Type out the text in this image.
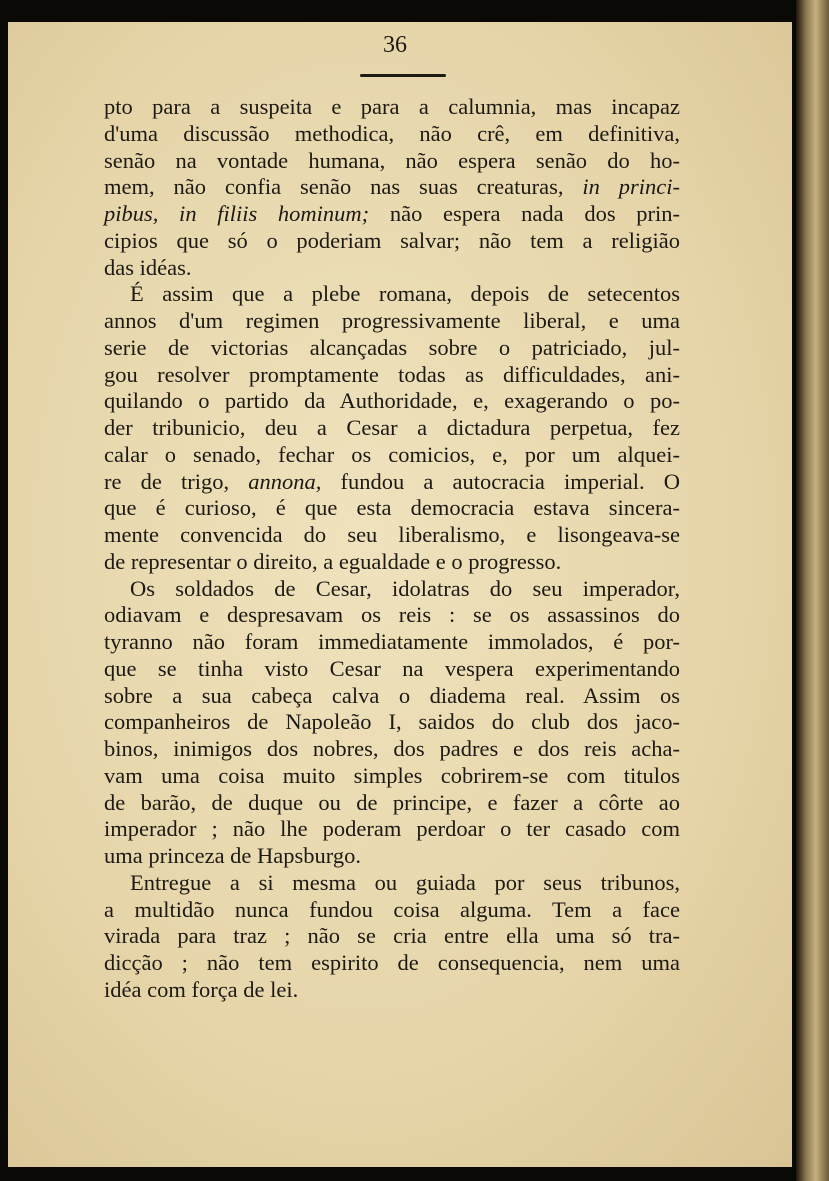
36
pto para a suspeita e para a calumnia, mas incapaz
d'uma discussão methodica, não crê, em definitiva,
senão na vontade humana, não espera senão do ho-
mem, não confia senão nas suas creaturas, in princi-
pibus, in filiis hominum; não espera nada dos prin-
cipios que só o poderiam salvar; não tem a religião
das idéas.
É assim que a plebe romana, depois de setecentos
annos d'um regimen progressivamente liberal, e uma
serie de victorias alcançadas sobre o patriciado, jul-
gou resolver promptamente todas as difficuldades, ani-
quilando o partido da Authoridade, e, exagerando o po-
der tribunicio, deu a Cesar a dictadura perpetua, fez
calar o senado, fechar os comicios, e, por um alquei-
re de trigo, annona, fundou a autocracia imperial. O
que é curioso, é que esta democracia estava sincera-
mente convencida do seu liberalismo, e lisongeava-se
de representar o direito, a egualdade e o progresso.
Os soldados de Cesar, idolatras do seu imperador,
odiavam e despresavam os reis : se os assassinos do
tyranno não foram immediatamente immolados, é por-
que se tinha visto Cesar na vespera experimentando
sobre a sua cabeça calva o diadema real. Assim os
companheiros de Napoleão I, saidos do club dos jaco-
binos, inimigos dos nobres, dos padres e dos reis acha-
vam uma coisa muito simples cobrirem-se com titulos
de barão, de duque ou de principe, e fazer a côrte ao
imperador ; não lhe poderam perdoar o ter casado com
uma princeza de Hapsburgo.
Entregue a si mesma ou guiada por seus tribunos,
a multidão nunca fundou coisa alguma. Tem a face
virada para traz ; não se cria entre ella uma só tra-
dicção ; não tem espirito de consequencia, nem uma
idéa com força de lei.
